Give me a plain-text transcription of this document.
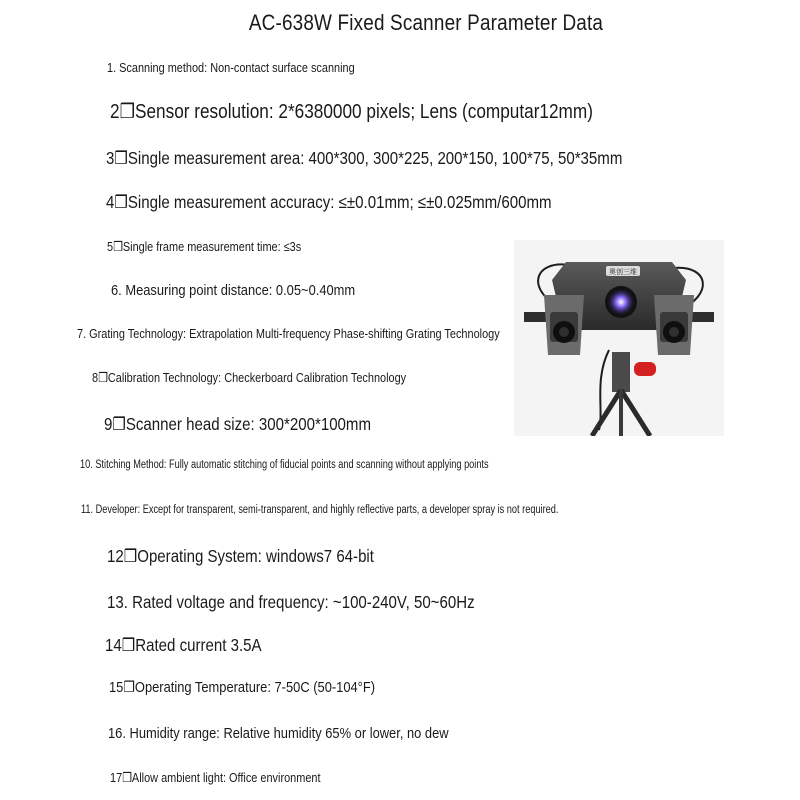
AC-638W Fixed Scanner Parameter Data
1. Scanning method: Non-contact surface scanning
2❒Sensor resolution: 2*6380000 pixels; Lens (computar12mm)
3❒Single measurement area: 400*300, 300*225, 200*150, 100*75, 50*35mm
4❒Single measurement accuracy: ≤±0.01mm; ≤±0.025mm/600mm
5❒Single frame measurement time: ≤3s
6. Measuring point distance: 0.05~0.40mm
7. Grating Technology: Extrapolation Multi-frequency Phase-shifting Grating Technology
8❒Calibration Technology: Checkerboard Calibration Technology
9❒Scanner head size: 300*200*100mm
10. Stitching Method: Fully automatic stitching of fiducial points and scanning without applying points
11. Developer: Except for transparent, semi-transparent, and highly reflective parts, a developer spray is not required.
12❒Operating System: windows7 64-bit
13. Rated voltage and frequency: ~100-240V, 50~60Hz
14❒Rated current 3.5A
15❒Operating Temperature: 7-50C (50-104°F)
16. Humidity range: Relative humidity 65% or lower, no dew
17❒Allow ambient light: Office environment
奥创三维
